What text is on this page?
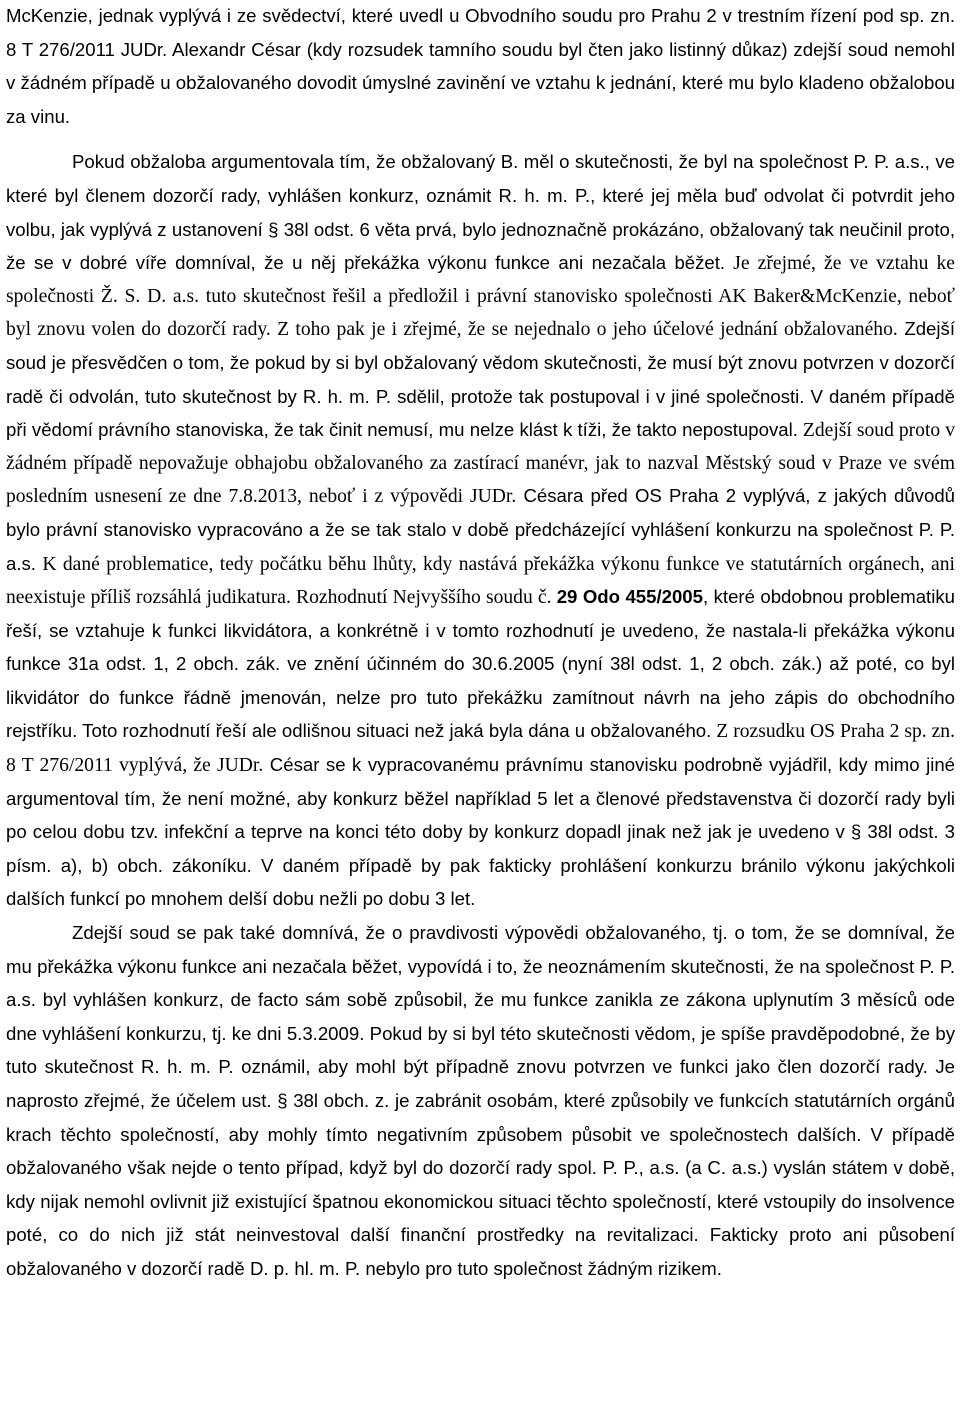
McKenzie, jednak vyplývá i ze svědectví, které uvedl u Obvodního soudu pro Prahu 2 v trestním řízení pod sp. zn. 8 T 276/2011 JUDr. Alexandr César (kdy rozsudek tamního soudu byl čten jako listinný důkaz) zdejší soud nemohl v žádném případě u obžalovaného dovodit úmyslné zavinění ve vztahu k jednání, které mu bylo kladeno obžalobou za vinu.

Pokud obžaloba argumentovala tím, že obžalovaný B. měl o skutečnosti, že byl na společnost P. P. a.s., ve které byl členem dozorčí rady, vyhlášen konkurz, oznámit R. h. m. P., které jej měla buď odvolat či potvrdit jeho volbu, jak vyplývá z ustanovení § 38l odst. 6 věta prvá, bylo jednoznačně prokázáno, obžalovaný tak neučinil proto, že se v dobré víře domníval, že u něj překážka výkonu funkce ani nezačala běžet. Je zřejmé, že ve vztahu ke společnosti Ž. S. D. a.s. tuto skutečnost řešil a předložil i právní stanovisko společnosti AK Baker&McKenzie, neboť byl znovu volen do dozorčí rady. Z toho pak je i zřejmé, že se nejednalo o jeho účelové jednání obžalovaného. Zdejší soud je přesvědčen o tom, že pokud by si byl obžalovaný vědom skutečnosti, že musí být znovu potvrzen v dozorčí radě či odvolán, tuto skutečnost by R. h. m. P. sdělil, protože tak postupoval i v jiné společnosti. V daném případě při vědomí právního stanoviska, že tak činit nemusí, mu nelze klást k tíži, že takto nepostupoval. Zdejší soud proto v žádném případě nepovažuje obhajobu obžalovaného za zastírací manévr, jak to nazval Městský soud v Praze ve svém posledním usnesení ze dne 7.8.2013, neboť i z výpovědi JUDr. Césara před OS Praha 2 vyplývá, z jakých důvodů bylo právní stanovisko vypracováno a že se tak stalo v době předcházející vyhlášení konkurzu na společnost P. P. a.s. K dané problematice, tedy počátku běhu lhůty, kdy nastává překážka výkonu funkce ve statutárních orgánech, ani neexistuje příliš rozsáhlá judikatura. Rozhodnutí Nejvyššího soudu č. 29 Odo 455/2005, které obdobnou problematiku řeší, se vztahuje k funkci likvidátora, a konkrétně i v tomto rozhodnutí je uvedeno, že nastala-li překážka výkonu funkce 31a odst. 1, 2 obch. zák. ve znění účinném do 30.6.2005 (nyní 38l odst. 1, 2 obch. zák.) až poté, co byl likvidátor do funkce řádně jmenován, nelze pro tuto překážku zamítnout návrh na jeho zápis do obchodního rejstříku. Toto rozhodnutí řeší ale odlišnou situaci než jaká byla dána u obžalovaného. Z rozsudku OS Praha 2 sp. zn. 8 T 276/2011 vyplývá, že JUDr. César se k vypracovanému právnímu stanovisku podrobně vyjádřil, kdy mimo jiné argumentoval tím, že není možné, aby konkurz běžel například 5 let a členové představenstva či dozorčí rady byli po celou dobu tzv. infekční a teprve na konci této doby by konkurz dopadl jinak než jak je uvedeno v § 38l odst. 3 písm. a), b) obch. zákoníku. V daném případě by pak fakticky prohlášení konkurzu bránilo výkonu jakýchkoli dalších funkcí po mnohem delší dobu nežli po dobu 3 let.

Zdejší soud se pak také domnívá, že o pravdivosti výpovědi obžalovaného, tj. o tom, že se domníval, že mu překážka výkonu funkce ani nezačala běžet, vypovídá i to, že neoznámením skutečnosti, že na společnost P. P. a.s. byl vyhlášen konkurz, de facto sám sobě způsobil, že mu funkce zanikla ze zákona uplynutím 3 měsíců ode dne vyhlášení konkurzu, tj. ke dni 5.3.2009. Pokud by si byl této skutečnosti vědom, je spíše pravděpodobné, že by tuto skutečnost R. h. m. P. oznámil, aby mohl být případně znovu potvrzen ve funkci jako člen dozorčí rady. Je naprosto zřejmé, že účelem ust. § 38l obch. z. je zabránit osobám, které způsobily ve funkcích statutárních orgánů krach těchto společností, aby mohly tímto negativním způsobem působit ve společnostech dalších. V případě obžalovaného však nejde o tento případ, když byl do dozorčí rady spol. P. P., a.s. (a C. a.s.) vyslán státem v době, kdy nijak nemohl ovlivnit již existující špatnou ekonomickou situaci těchto společností, které vstoupily do insolvence poté, co do nich již stát neinvestoval další finanční prostředky na revitalizaci. Fakticky proto ani působení obžalovaného v dozorčí radě D. p. hl. m. P. nebylo pro tuto společnost žádným rizikem.
